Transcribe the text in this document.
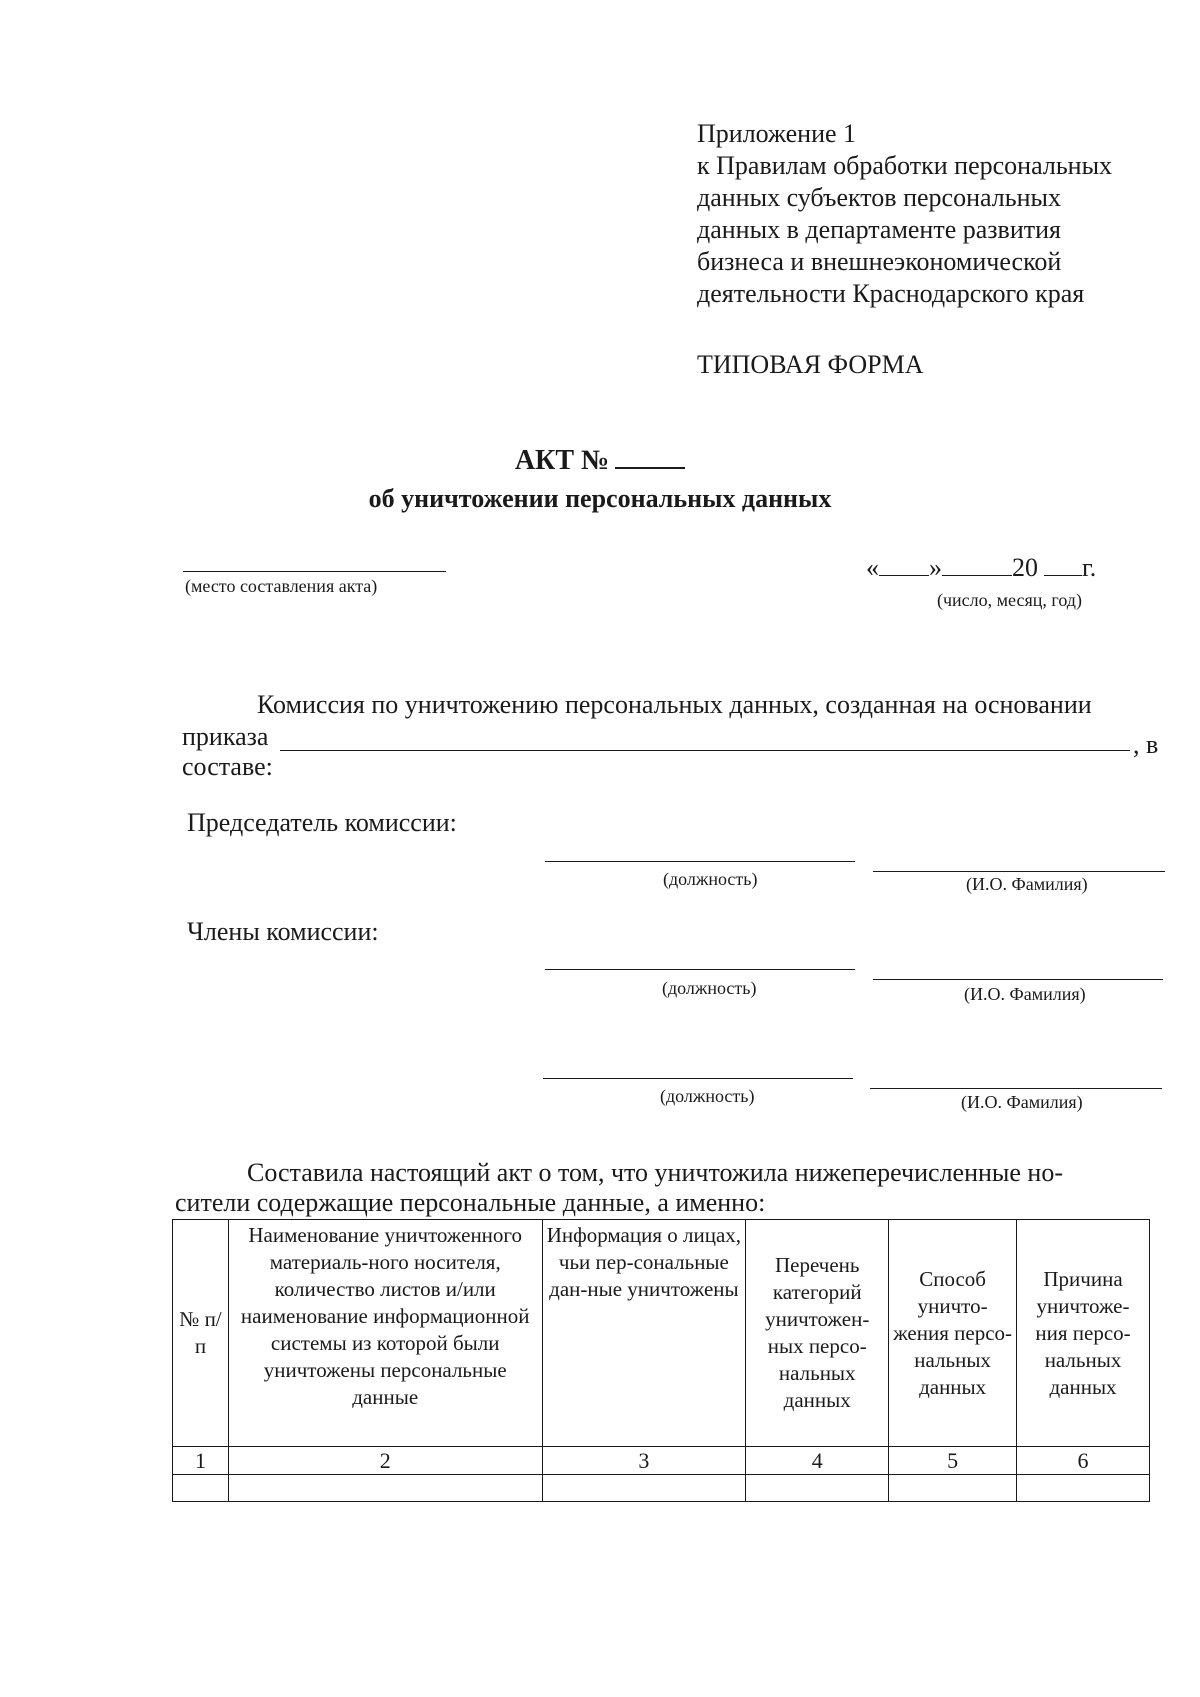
Приложение 1
к Правилам обработки персональных
данных субъектов персональных
данных в департаменте развития
бизнеса и внешнеэкономической
деятельности Краснодарского края
ТИПОВАЯ ФОРМА
АКТ №
об уничтожении персональных данных
(место составления акта)
« »	20 г.
(число, месяц, год)
Комиссия по уничтожению персональных данных, созданная на основании
приказа	, в
составе:
Председатель комиссии:
(должность)	(И.О. Фамилия)
Члены комиссии:
(должность)	(И.О. Фамилия)
(должность)	(И.О. Фамилия)
Составила настоящий акт о том, что уничтожила нижеперечисленные но-
сители содержащие персональные данные, а именно:
№ п/п	Наименование уничтоженного материаль-ного носителя, количество листов и/или наименование информационной системы из которой были уничтожены персональные данные	Информация о лицах, чьи пер-сональные дан-ные уничтожены	Перечень категорий уничтожен-ных персо-нальных данных	Способ уничто-жения персо-нальных данных	Причина уничтоже-ния персо-нальных данных
1	2	3	4	5	6
